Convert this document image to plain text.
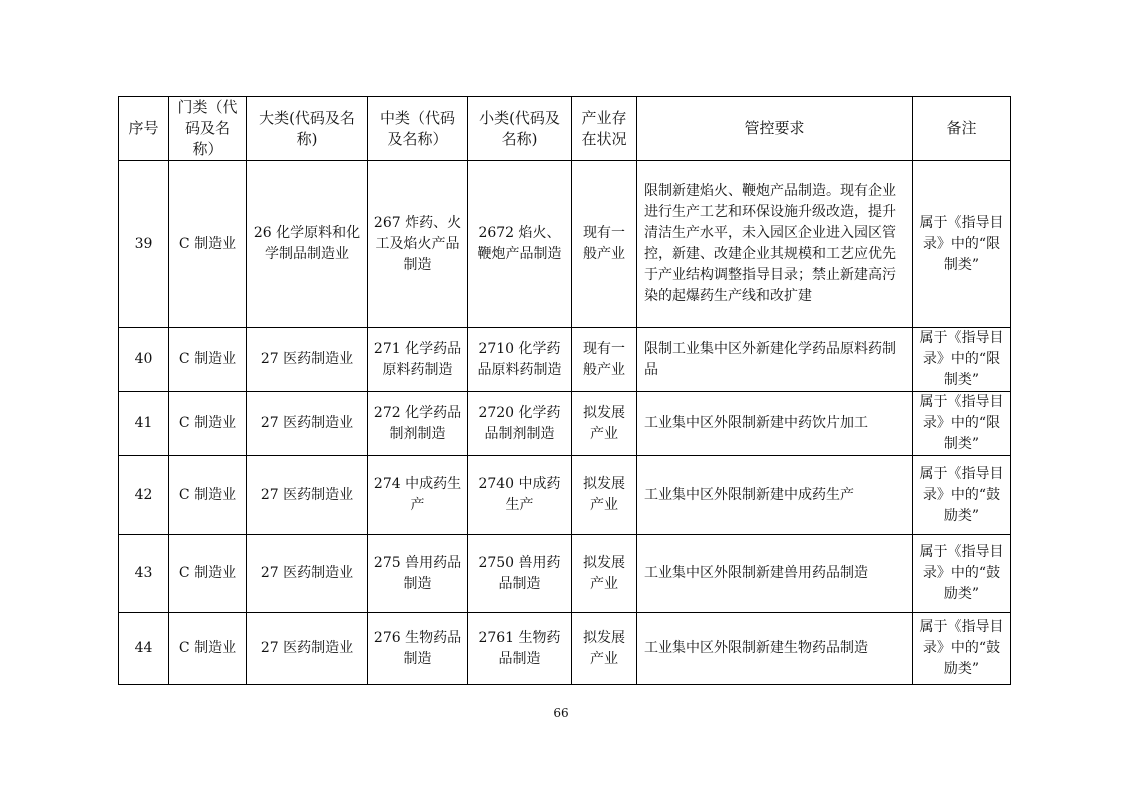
序号	门类（代码及名称）	大类(代码及名称)	中类（代码及名称）	小类(代码及名称)	产业存在状况	管控要求	备注
39	C 制造业	26 化学原料和化学制品制造业	267 炸药、火工及焰火产品制造	2672 焰火、鞭炮产品制造	现有一般产业	限制新建焰火、鞭炮产品制造。现有企业进行生产工艺和环保设施升级改造，提升清洁生产水平，未入园区企业进入园区管控，新建、改建企业其规模和工艺应优先于产业结构调整指导目录；禁止新建高污染的起爆药生产线和改扩建	属于《指导目录》中的“限制类”
40	C 制造业	27 医药制造业	271 化学药品原料药制造	2710 化学药品原料药制造	现有一般产业	限制工业集中区外新建化学药品原料药制品	属于《指导目录》中的“限制类”
41	C 制造业	27 医药制造业	272 化学药品制剂制造	2720 化学药品制剂制造	拟发展产业	工业集中区外限制新建中药饮片加工	属于《指导目录》中的“限制类”
42	C 制造业	27 医药制造业	274 中成药生产	2740 中成药生产	拟发展产业	工业集中区外限制新建中成药生产	属于《指导目录》中的“鼓励类”
43	C 制造业	27 医药制造业	275 兽用药品制造	2750 兽用药品制造	拟发展产业	工业集中区外限制新建兽用药品制造	属于《指导目录》中的“鼓励类”
44	C 制造业	27 医药制造业	276 生物药品制造	2761 生物药品制造	拟发展产业	工业集中区外限制新建生物药品制造	属于《指导目录》中的“鼓励类”
66
